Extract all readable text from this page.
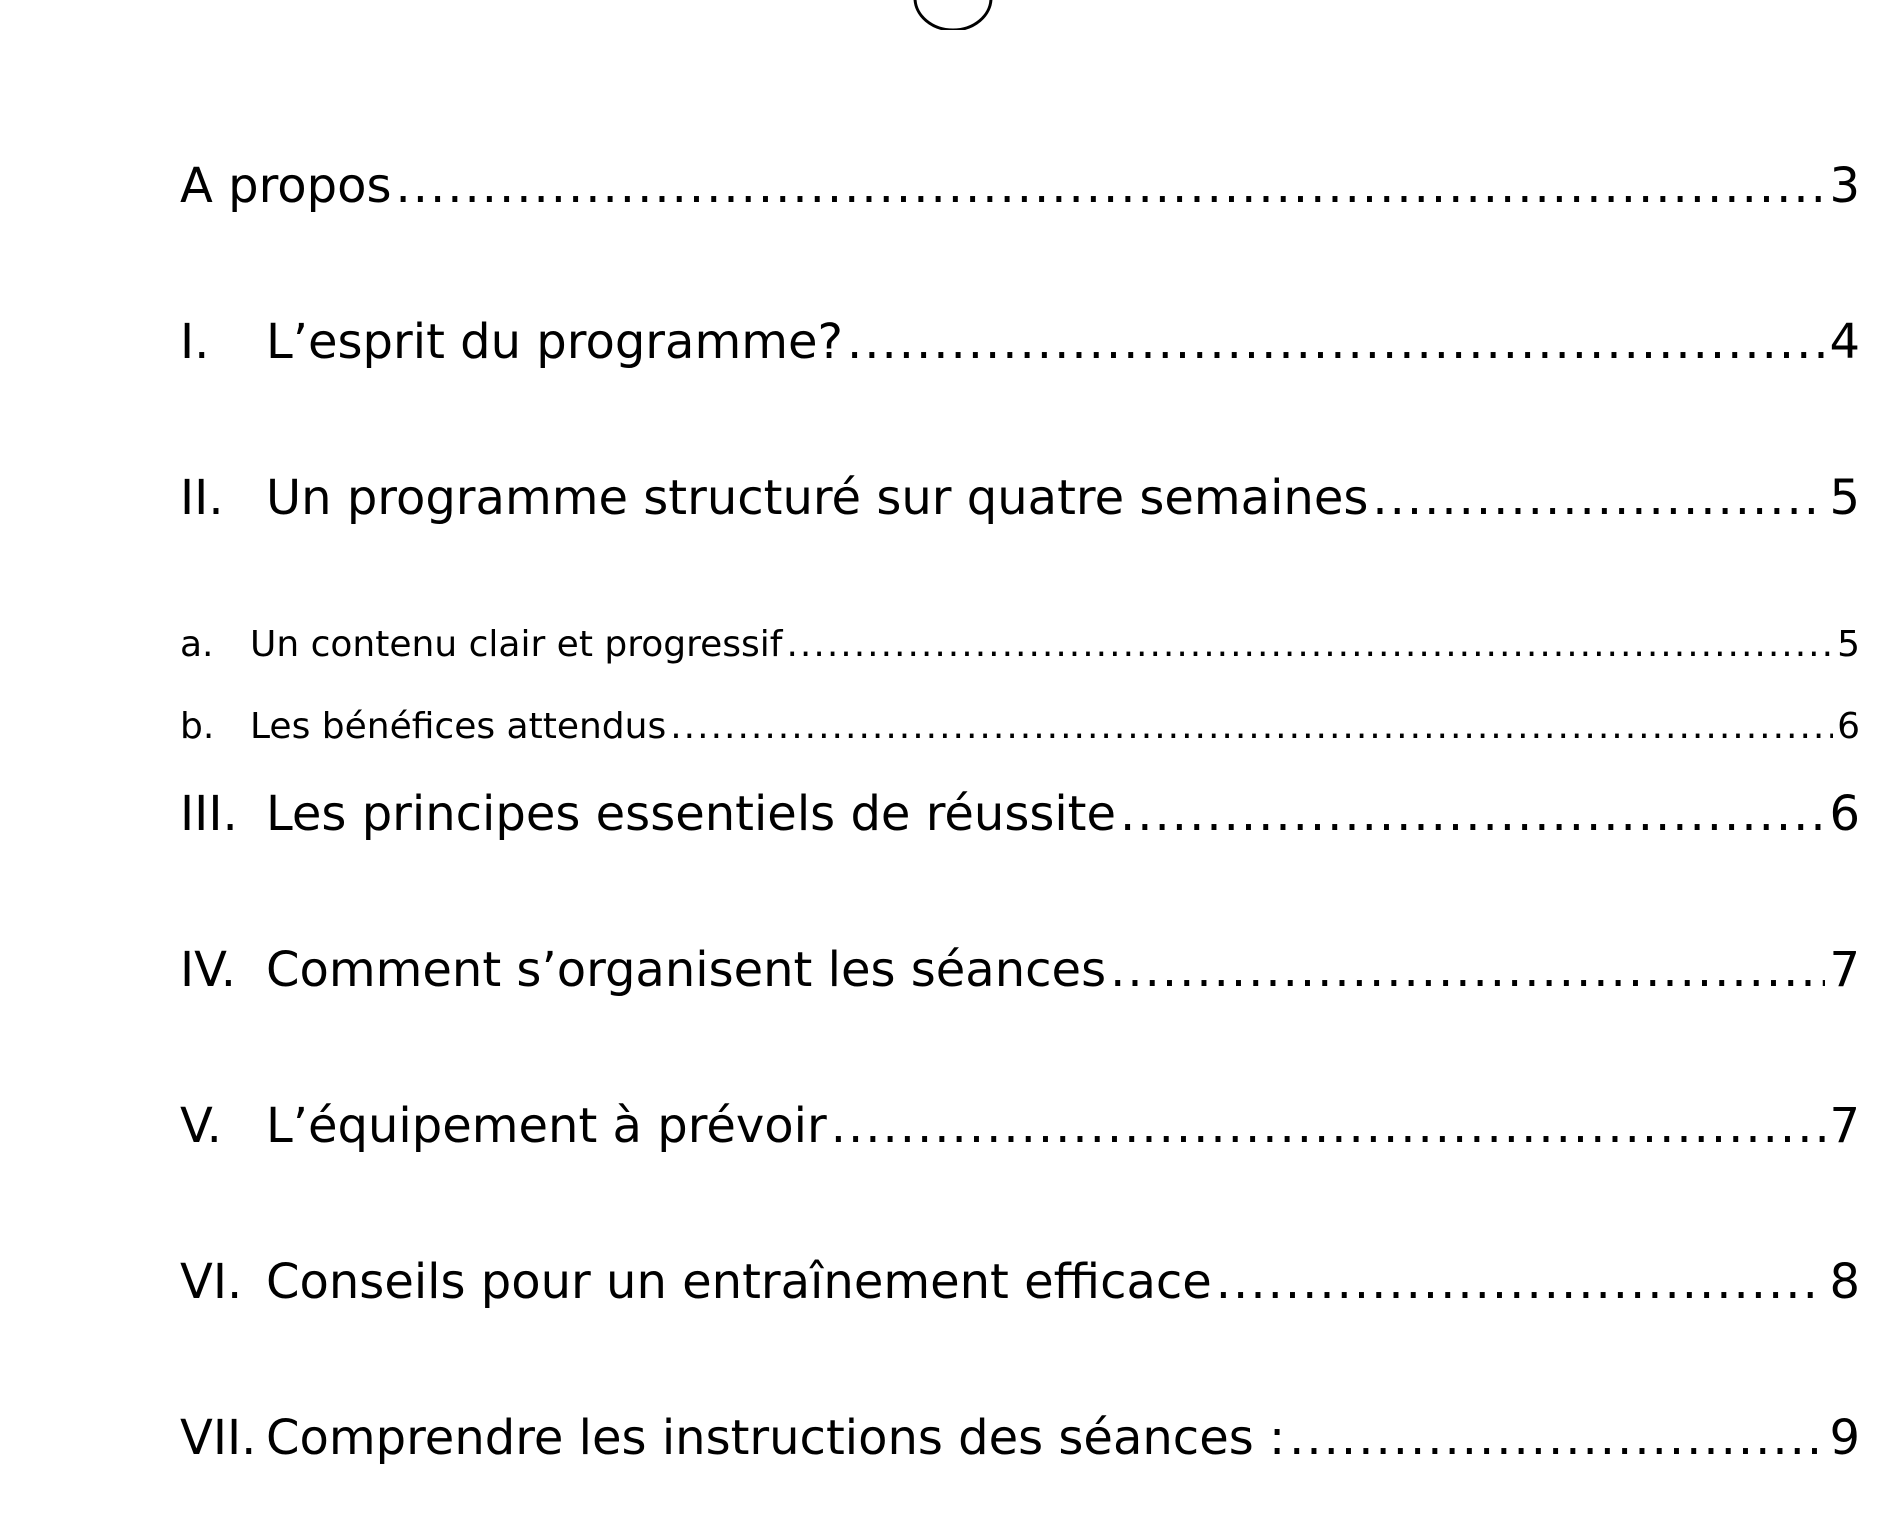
A propos .....	3
I.	L’esprit du programme? .....	4
II. Un programme structuré sur quatre semaines .....	5
a.	Un contenu clair et progressif .....	5
b. Les bénéfices attendus .....	6
III. Les principes essentiels de réussite .....	6
IV. Comment s’organisent les séances .....	7
V. L’équipement à prévoir .....	7
VI. Conseils pour un entraînement efficace .....	8
VII. Comprendre les instructions des séances : .....	9
